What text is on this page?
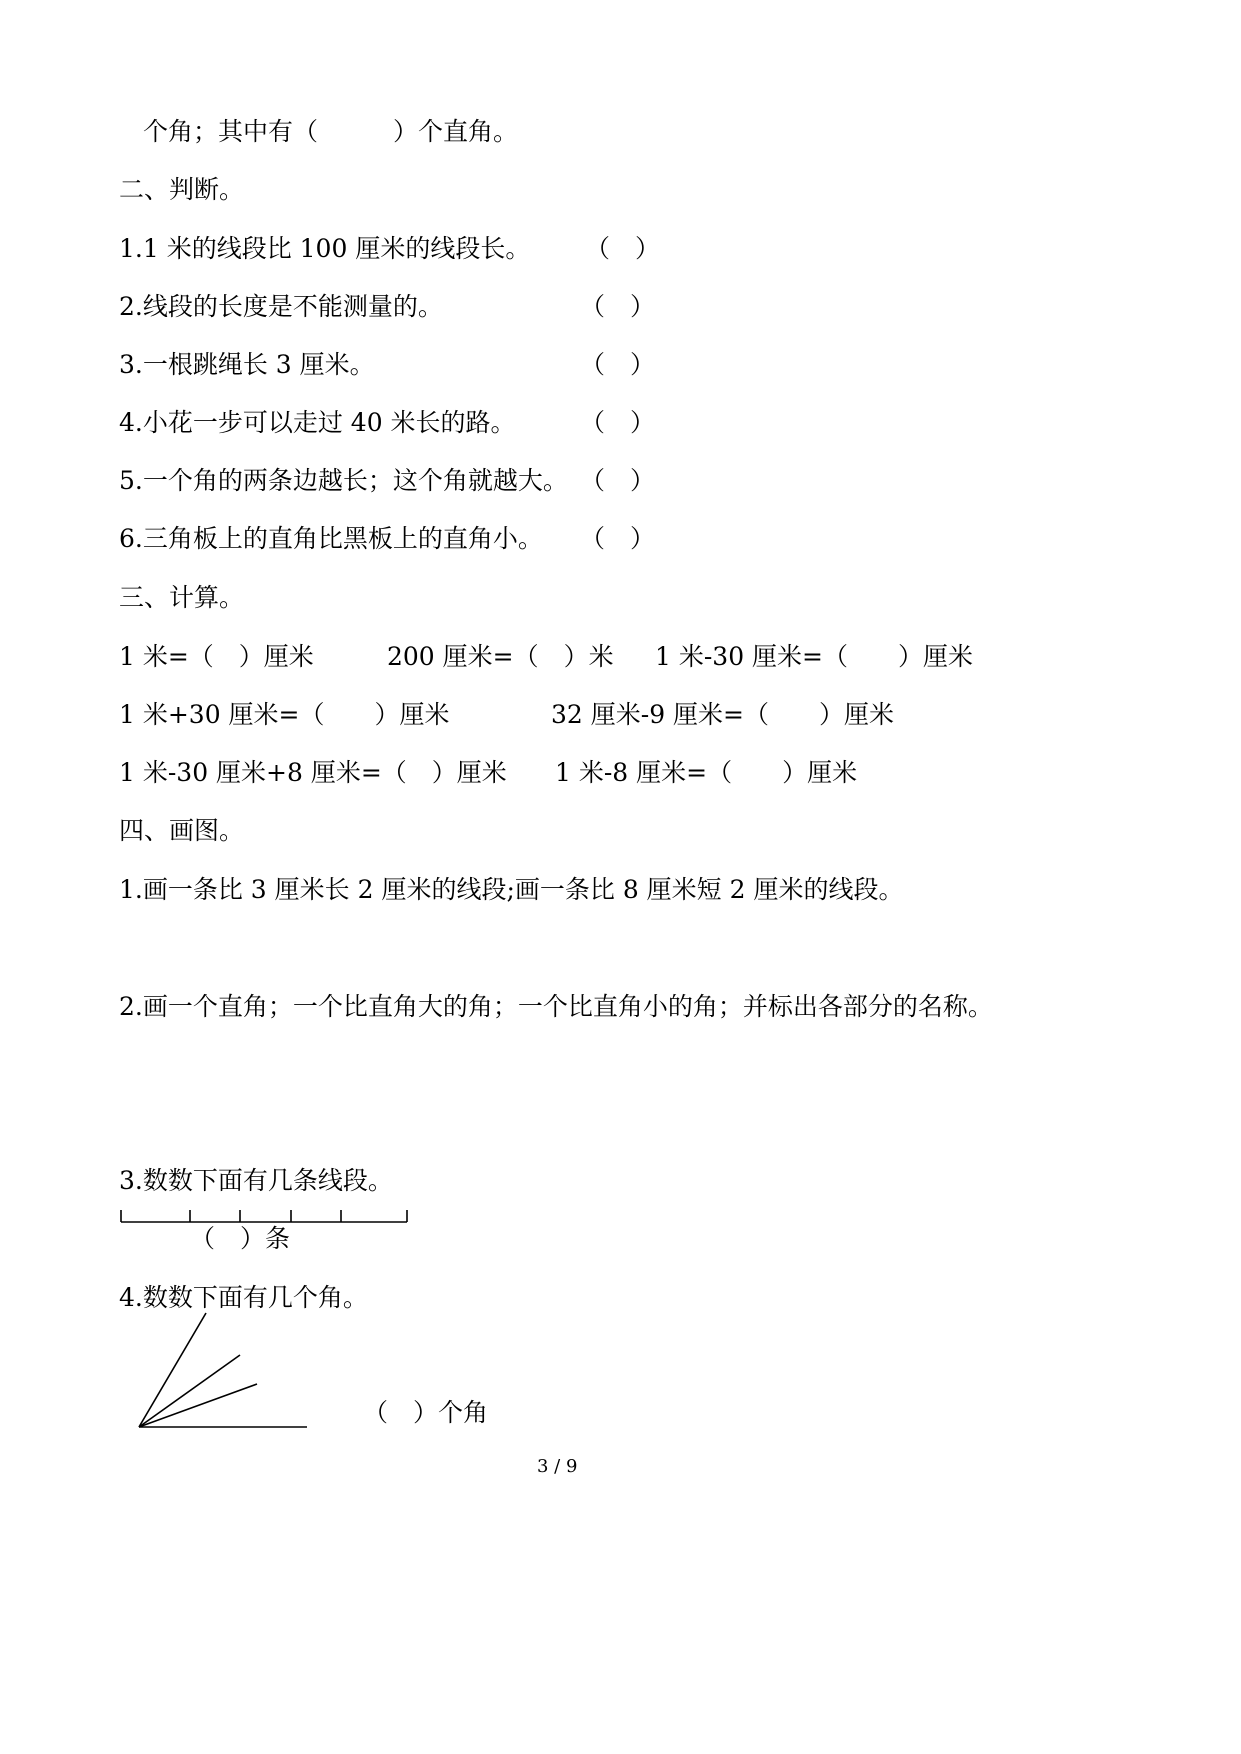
个角；其中有（　　　）个直角。
二、判断。
1.1 米的线段比 100 厘米的线段长。 （　）
2.线段的长度是不能测量的。	（　）
3.一根跳绳长 3 厘米。	（　）
4.小花一步可以走过 40 米长的路。	（　）
5.一个角的两条边越长；这个角就越大。 （　）
6.三角板上的直角比黑板上的直角小。 （　）
三、计算。
1 米=（　）厘米	200 厘米=（　）米 1 米-30 厘米=（　　）厘米
1 米+30 厘米=（　　）厘米	32 厘米-9 厘米=（　　）厘米
1 米-30 厘米+8 厘米=（　）厘米 1 米-8 厘米=（　　）厘米
四、画图。
1.画一条比 3 厘米长 2 厘米的线段;画一条比 8 厘米短 2 厘米的线段。
2.画一个直角；一个比直角大的角；一个比直角小的角；并标出各部分的名称。
3.数数下面有几条线段。
（　）条
4.数数下面有几个角。
（　）个角
3 / 9
